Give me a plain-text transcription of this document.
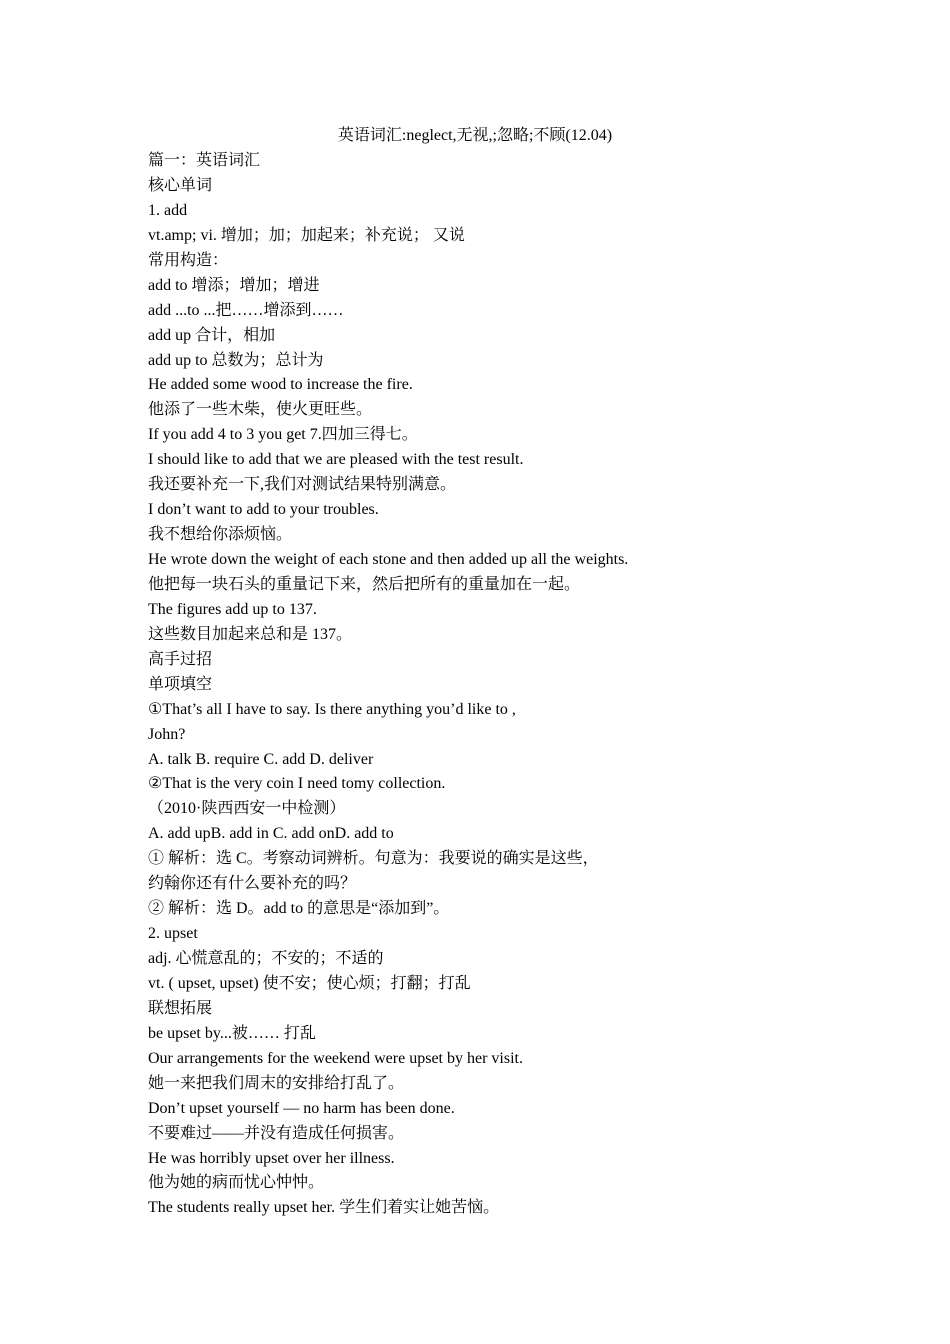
英语词汇:neglect,无视,;忽略;不顾(12.04)
篇一：英语词汇
核心单词
1. add
vt.amp; vi. 增加；加；加起来；补充说； 又说
常用构造：
add to 增添；增加；增进
add ...to ...把……增添到……
add up 合计，相加
add up to 总数为；总计为
He added some wood to increase the fire.
他添了一些木柴，使火更旺些。
If you add 4 to 3 you get 7.四加三得七。
I should like to add that we are pleased with the test result.
我还要补充一下,我们对测试结果特别满意。
I don’t want to add to your troubles.
我不想给你添烦恼。
He wrote down the weight of each stone and then added up all the weights.
他把每一块石头的重量记下来，然后把所有的重量加在一起。
The figures add up to 137.
这些数目加起来总和是 137。
高手过招
单项填空
①That’s all I have to say. Is there anything you’d like to ,
John?
A. talk B. require C. add D. deliver
②That is the very coin I need tomy collection.
（2010·陕西西安一中检测）
A. add upB. add in C. add onD. add to
① 解析：选 C。考察动词辨析。句意为：我要说的确实是这些，
约翰你还有什么要补充的吗？
② 解析：选 D。add to 的意思是“添加到”。
2. upset
adj. 心慌意乱的；不安的；不适的
vt. ( upset, upset) 使不安；使心烦；打翻；打乱
联想拓展
be upset by...被…… 打乱
Our arrangements for the weekend were upset by her visit.
她一来把我们周末的安排给打乱了。
Don’t upset yourself — no harm has been done.
不要难过——并没有造成任何损害。
He was horribly upset over her illness.
他为她的病而忧心忡忡。
The students really upset her. 学生们着实让她苦恼。
